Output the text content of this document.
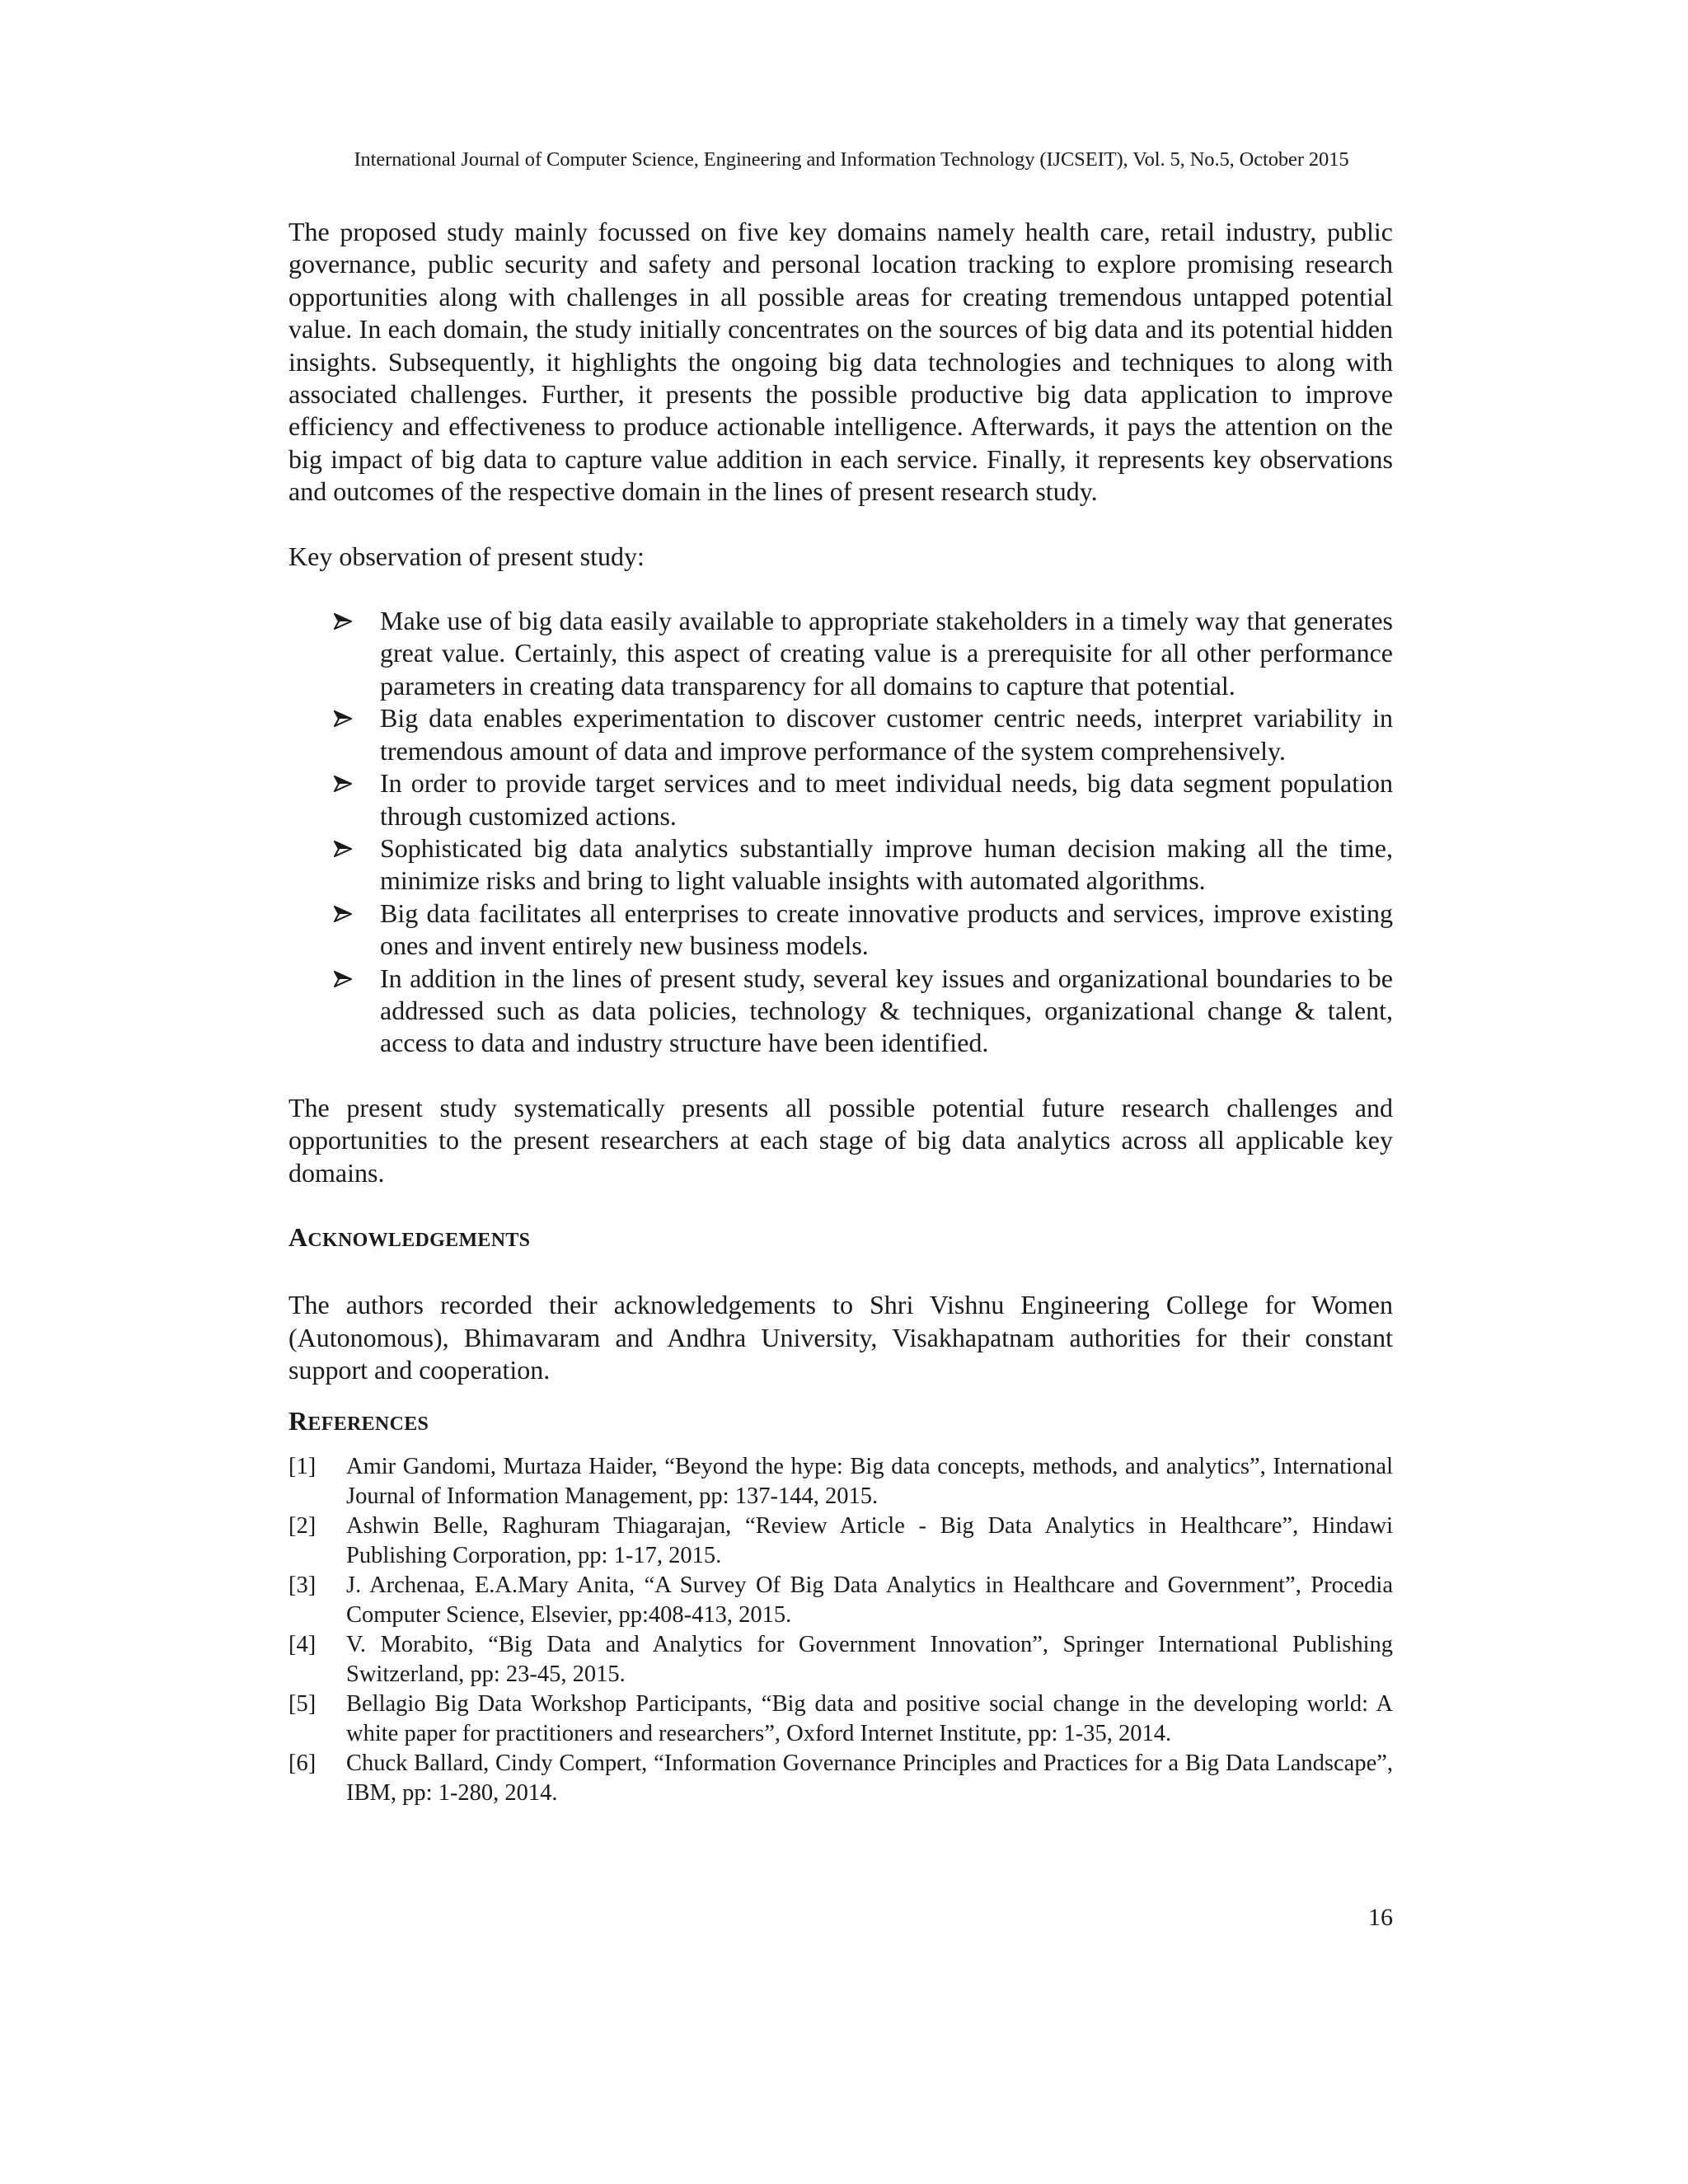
International Journal of Computer Science, Engineering and Information Technology (IJCSEIT), Vol. 5, No.5, October 2015

The proposed study mainly focussed on five key domains namely health care, retail industry, public governance, public security and safety and personal location tracking to explore promising research opportunities along with challenges in all possible areas for creating tremendous untapped potential value. In each domain, the study initially concentrates on the sources of big data and its potential hidden insights. Subsequently, it highlights the ongoing big data technologies and techniques to along with associated challenges. Further, it presents the possible productive big data application to improve efficiency and effectiveness to produce actionable intelligence. Afterwards, it pays the attention on the big impact of big data to capture value addition in each service. Finally, it represents key observations and outcomes of the respective domain in the lines of present research study.

Key observation of present study:

Make use of big data easily available to appropriate stakeholders in a timely way that generates great value. Certainly, this aspect of creating value is a prerequisite for all other performance parameters in creating data transparency for all domains to capture that potential.
Big data enables experimentation to discover customer centric needs, interpret variability in tremendous amount of data and improve performance of the system comprehensively.
In order to provide target services and to meet individual needs, big data segment population through customized actions.
Sophisticated big data analytics substantially improve human decision making all the time, minimize risks and bring to light valuable insights with automated algorithms.
Big data facilitates all enterprises to create innovative products and services, improve existing ones and invent entirely new business models.
In addition in the lines of present study, several key issues and organizational boundaries to be addressed such as data policies, technology & techniques, organizational change & talent, access to data and industry structure have been identified.

The present study systematically presents all possible potential future research challenges and opportunities to the present researchers at each stage of big data analytics across all applicable key domains.

ACKNOWLEDGEMENTS

The authors recorded their acknowledgements to Shri Vishnu Engineering College for Women (Autonomous), Bhimavaram and Andhra University, Visakhapatnam authorities for their constant support and cooperation.

REFERENCES
[1] Amir Gandomi, Murtaza Haider, “Beyond the hype: Big data concepts, methods, and analytics”, International Journal of Information Management, pp: 137-144, 2015.
[2] Ashwin Belle, Raghuram Thiagarajan, “Review Article - Big Data Analytics in Healthcare”, Hindawi Publishing Corporation, pp: 1-17, 2015.
[3] J. Archenaa, E.A.Mary Anita, “A Survey Of Big Data Analytics in Healthcare and Government”, Procedia Computer Science, Elsevier, pp:408-413, 2015.
[4] V. Morabito, “Big Data and Analytics for Government Innovation”, Springer International Publishing Switzerland, pp: 23-45, 2015.
[5] Bellagio Big Data Workshop Participants, “Big data and positive social change in the developing world: A white paper for practitioners and researchers”, Oxford Internet Institute, pp: 1-35, 2014.
[6] Chuck Ballard, Cindy Compert, “Information Governance Principles and Practices for a Big Data Landscape”, IBM, pp: 1-280, 2014.
16
